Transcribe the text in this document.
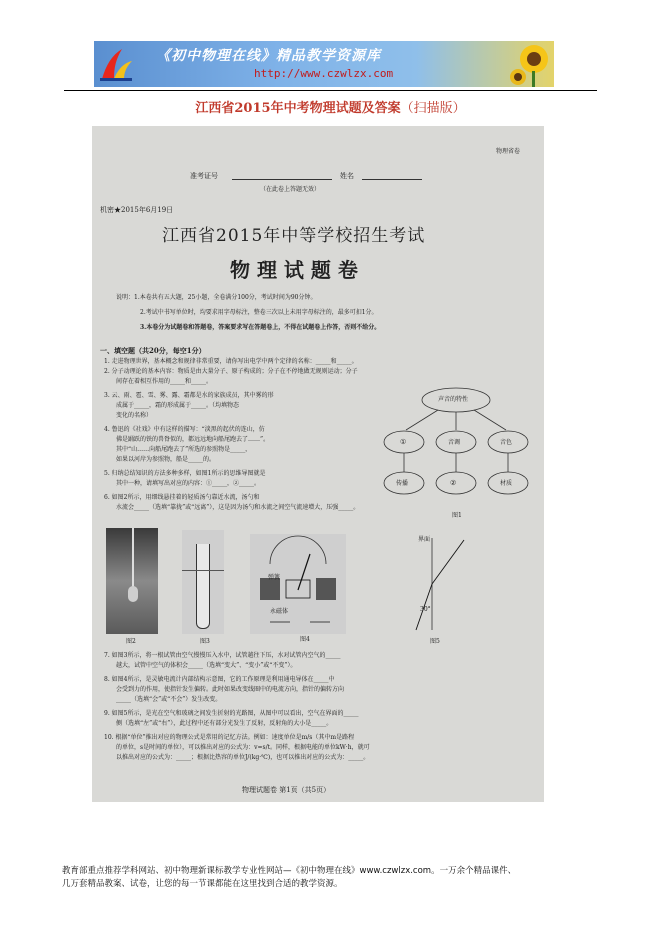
《初中物理在线》精品教学资源库
http://www.czwlzx.com
江西省2015年中考物理试题及答案（扫描版）
物理省卷
准考证号	姓名
（在此卷上答题无效）
机密★2015年6月19日
江西省2015年中等学校招生考试
物 理 试 题 卷
说明：1.本卷共有五大题，25小题，全卷满分100分，考试时间为90分钟。
2.考试中书写单位时，均要求用字母标注，整卷三次以上未用字母标注的，最多可扣1分。
3.本卷分为试题卷和答题卷，答案要求写在答题卷上，不得在试题卷上作答，否则不给分。
一、填空题（共20分，每空1分）
1. 走进物理世界，基本概念和规律非常重要，请你写出电学中两个定律的名称：_____和_____。
2. 分子动理论的基本内容：物质是由大量分子、原子构成的；分子在不停地做无规则运动；分子
间存在着相互作用的_____和_____。
3. 云、雨、雹、雪、雾、露、霜都是水的家族成员，其中雾的形
成属于_____，霜的形成属于_____。（均填物态
变化的名称）
4. 鲁迅的《社戏》中有这样的描写：“淡黑的起伏的连山，仿
佛是踊跃的铁的兽脊似的，都远远地向船尾跑去了……”。
其中“山……向船尾跑去了”所选的参照物是_____，
如果以河岸为参照物，船是_____的。
5. 归纳总结知识的方法多种多样，如图1所示的思维导图就是
其中一种，请填写出对应的内容：①_____，②_____。
6. 如图2所示，用细线悬挂着的轻质汤勺靠近水流，汤勺和
水流会_____（选填“靠拢”或“远离”），这是因为汤勺和水流之间空气流速增大，压强_____。
声音的特性
①	音调	音色
传播	②	材质
图1
图2	图3
弹簧
永磁体
图4
界面
30°
图5
7. 如图3所示，将一根试管由空气慢慢压入水中，试管越往下压，水对试管内空气的_____
越大，试管中空气的体积会_____（选填“变大”、“变小”或“不变”）。
8. 如图4所示，是灵敏电流计内部结构示意图，它的工作原理是利用通电导体在_____中
会受到力的作用，使指针发生偏转。此时如果改变线圈中的电流方向，指针的偏转方向
_____（选填“会”或“不会”）发生改变。
9. 如图5所示，是光在空气和玻璃之间发生折射的光路图，从图中可以看出，空气在界面的_____
侧（选填“左”或“右”），此过程中还有部分光发生了反射，反射角的大小是_____。
10. 根据“单位”推出对应的物理公式是常用的记忆方法。例如：速度单位是m/s（其中m是路程
的单位，s是时间的单位），可以推出对应的公式为：v=s/t。同样，根据电能的单位kW·h，就可
以推出对应的公式为：_____；根据比热容的单位J/(kg·℃)，也可以推出对应的公式为：_____。
物理试题卷 第1页（共5页）
教育部重点推荐学科网站、初中物理新课标教学专业性网站—《初中物理在线》www.czwlzx.com。一万余个精品课件、
几万套精品教案、试卷，让您的每一节课都能在这里找到合适的教学资源。
